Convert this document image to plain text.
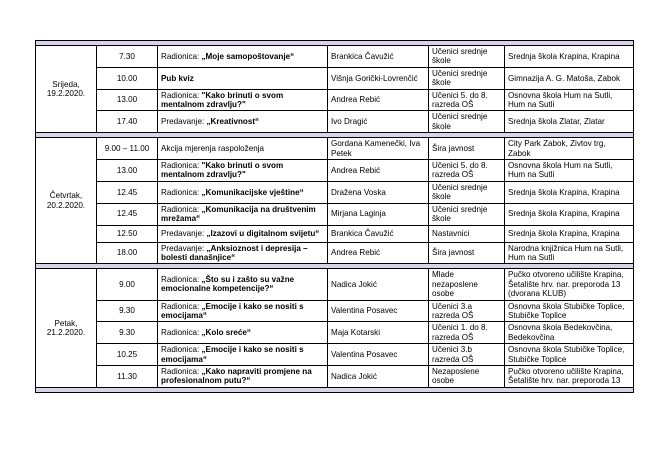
Srijeda,
19.2.2020.	7.30	Radionica: „Moje samopoštovanje“	Brankica Čavužić	Učenici srednje škole	Srednja škola Krapina, Krapina
	10.00	Pub kviz	Višnja Gorički-Lovrenčić	Učenici srednje škole	Gimnazija A. G. Matoša, Zabok
	13.00	Radionica: "Kako brinuti o svom mentalnom zdravlju?"	Andrea Rebić	Učenici 5. do 8. razreda OŠ	Osnovna škola Hum na Sutli, Hum na Sutli
	17.40	Predavanje: „Kreativnost“	Ivo Dragić	Učenici srednje škole	Srednja škola Zlatar, Zlatar

Četvrtak,
20.2.2020.	9.00 – 11.00	Akcija mjerenja raspoloženja	Gordana Kamenečki, Iva Petek	Šira javnost	City Park Zabok, Zivtov trg, Zabok
	13.00	Radionica: "Kako brinuti o svom mentalnom zdravlju?"	Andrea Rebić	Učenici 5. do 8. razreda OŠ	Osnovna škola Hum na Sutli, Hum na Sutli
	12.45	Radionica: „Komunikacijske vještine“	Dražena Voska	Učenici srednje škole	Srednja škola Krapina, Krapina
	12.45	Radionica: „Komunikacija na društvenim mrežama“	Mirjana Laginja	Učenici srednje škole	Srednja škola Krapina, Krapina
	12.50	Predavanje: „Izazovi u digitalnom svijetu“	Brankica Čavužić	Nastavnici	Srednja škola Krapina, Krapina
	18.00	Predavanje: „Anksioznost i depresija – bolesti današnjice“	Andrea Rebić	Šira javnost	Narodna knjižnica Hum na Sutli, Hum na Sutli

Petak,
21.2.2020.	9.00	Radionica: „Što su i zašto su važne emocionalne kompetencije?“	Nadica Jokić	Mlade nezaposlene osobe	Pučko otvoreno učilište Krapina, Šetalište hrv. nar. preporoda 13 (dvorana KLUB)
	9.30	Radionica: „Emocije i kako se nositi s emocijama“	Valentina Posavec	Učenici 3.a razreda OŠ	Osnovna škola Stubičke Toplice, Stubičke Toplice
	9.30	Radionica: „Kolo sreće“	Maja Kotarski	Učenici 1. do 8. razreda OŠ	Osnovna škola Bedekovčina, Bedekovčina
	10.25	Radionica: „Emocije i kako se nositi s emocijama“	Valentina Posavec	Učenici 3.b razreda OŠ	Osnovna škola Stubičke Toplice, Stubičke Toplice
	11.30	Radionica: „Kako napraviti promjene na profesionalnom putu?“	Nadica Jokić	Nezaposlene osobe	Pučko otvoreno učilište Krapina, Šetalište hrv. nar. preporoda 13
